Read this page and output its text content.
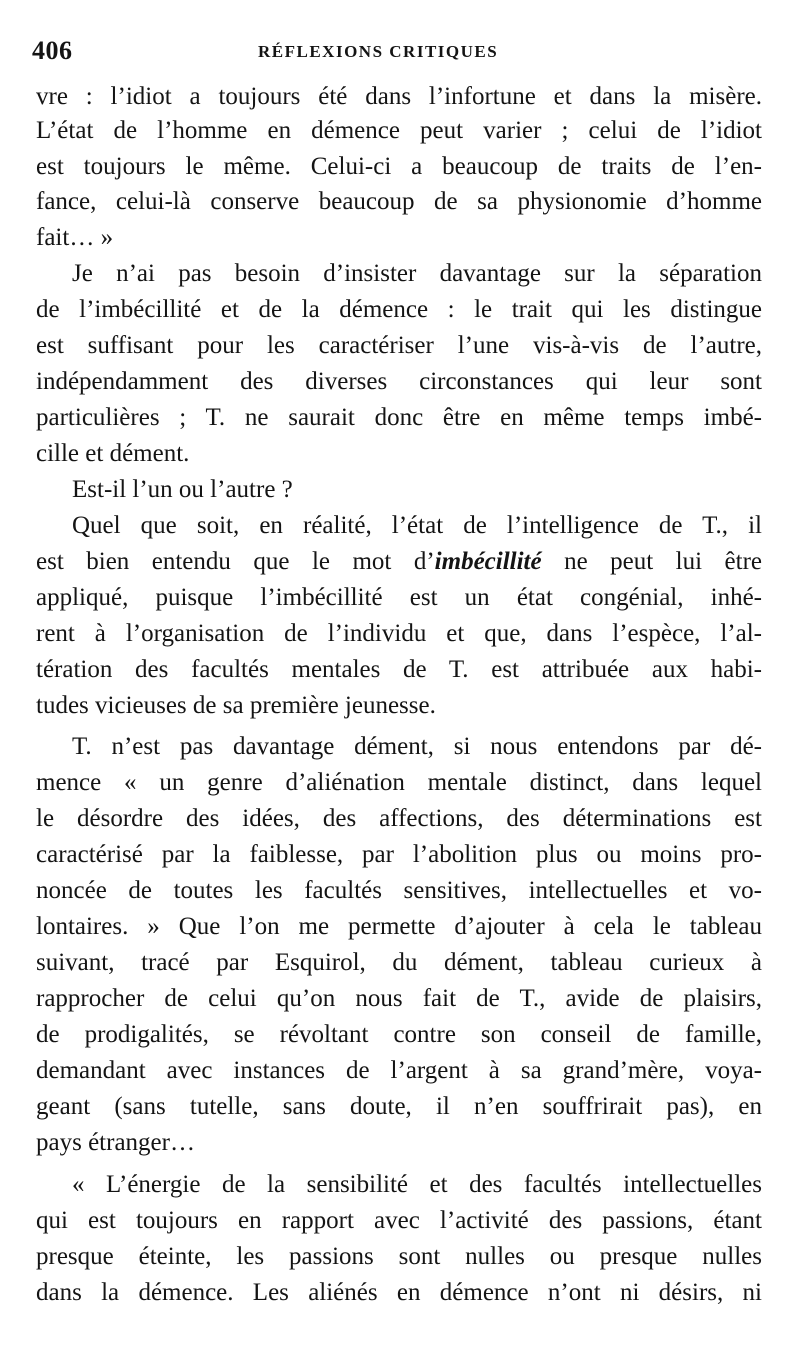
406	RÉFLEXIONS CRITIQUES
vre : l’idiot a toujours été dans l’infortune et dans la misère.
L’état de l’homme en démence peut varier ; celui de l’idiot
est toujours le même. Celui-ci a beaucoup de traits de l’en-
fance, celui-là conserve beaucoup de sa physionomie d’homme
fait… »
Je n’ai pas besoin d’insister davantage sur la séparation
de l’imbécillité et de la démence : le trait qui les distingue
est suffisant pour les caractériser l’une vis-à-vis de l’autre,
indépendamment des diverses circonstances qui leur sont
particulières ; T. ne saurait donc être en même temps imbé-
cille et dément.
Est-il l’un ou l’autre ?
Quel que soit, en réalité, l’état de l’intelligence de T., il
est bien entendu que le mot d’imbécillité ne peut lui être
appliqué, puisque l’imbécillité est un état congénial, inhé-
rent à l’organisation de l’individu et que, dans l’espèce, l’al-
tération des facultés mentales de T. est attribuée aux habi-
tudes vicieuses de sa première jeunesse.
T. n’est pas davantage dément, si nous entendons par dé-
mence « un genre d’aliénation mentale distinct, dans lequel
le désordre des idées, des affections, des déterminations est
caractérisé par la faiblesse, par l’abolition plus ou moins pro-
noncée de toutes les facultés sensitives, intellectuelles et vo-
lontaires. » Que l’on me permette d’ajouter à cela le tableau
suivant, tracé par Esquirol, du dément, tableau curieux à
rapprocher de celui qu’on nous fait de T., avide de plaisirs,
de prodigalités, se révoltant contre son conseil de famille,
demandant avec instances de l’argent à sa grand’mère, voya-
geant (sans tutelle, sans doute, il n’en souffrirait pas), en
pays étranger…
« L’énergie de la sensibilité et des facultés intellectuelles
qui est toujours en rapport avec l’activité des passions, étant
presque éteinte, les passions sont nulles ou presque nulles
dans la démence. Les aliénés en démence n’ont ni désirs, ni
